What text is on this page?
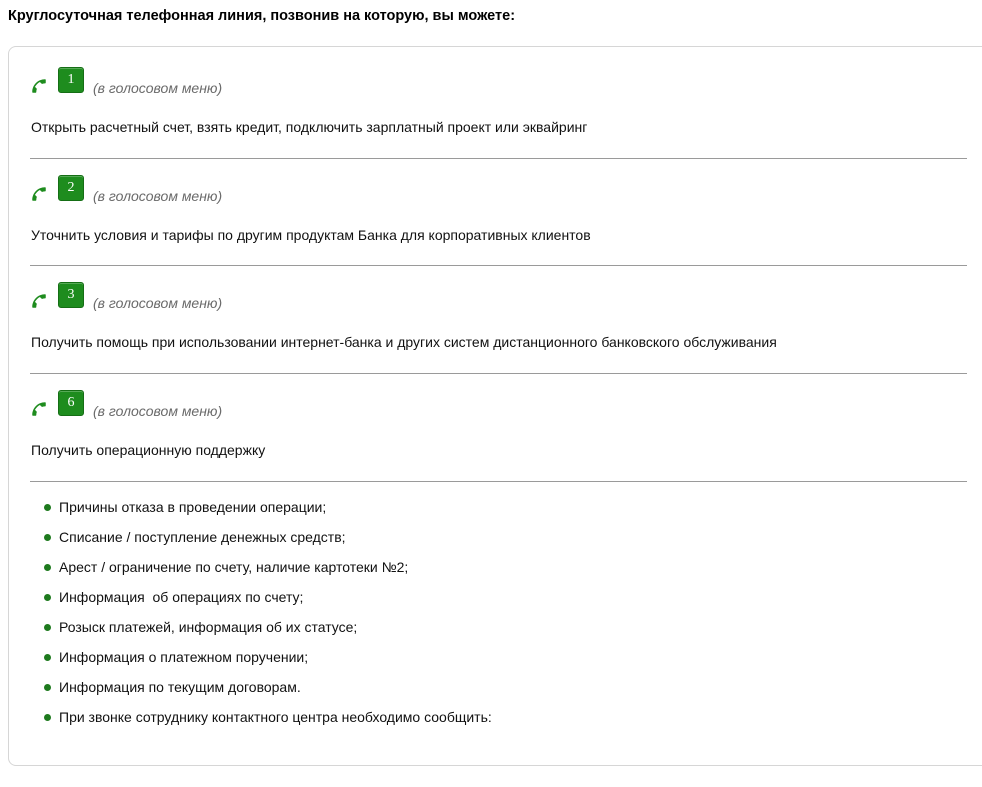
Круглосуточная телефонная линия, позвонив на которую, вы можете:
1
(в голосовом меню)
Открыть расчетный счет, взять кредит, подключить зарплатный проект или эквайринг
2
(в голосовом меню)
Уточнить условия и тарифы по другим продуктам Банка для корпоративных клиентов
3
(в голосовом меню)
Получить помощь при использовании интернет-банка и других систем дистанционного банковского обслуживания
6
(в голосовом меню)
Получить операционную поддержку

Причины отказа в проведении операции;

Списание / поступление денежных средств;

Арест / ограничение по счету, наличие картотеки №2;

Информация  об операциях по счету;

Розыск платежей, информация об их статусе;

Информация о платежном поручении;

Информация по текущим договорам.

При звонке сотруднику контактного центра необходимо сообщить:
